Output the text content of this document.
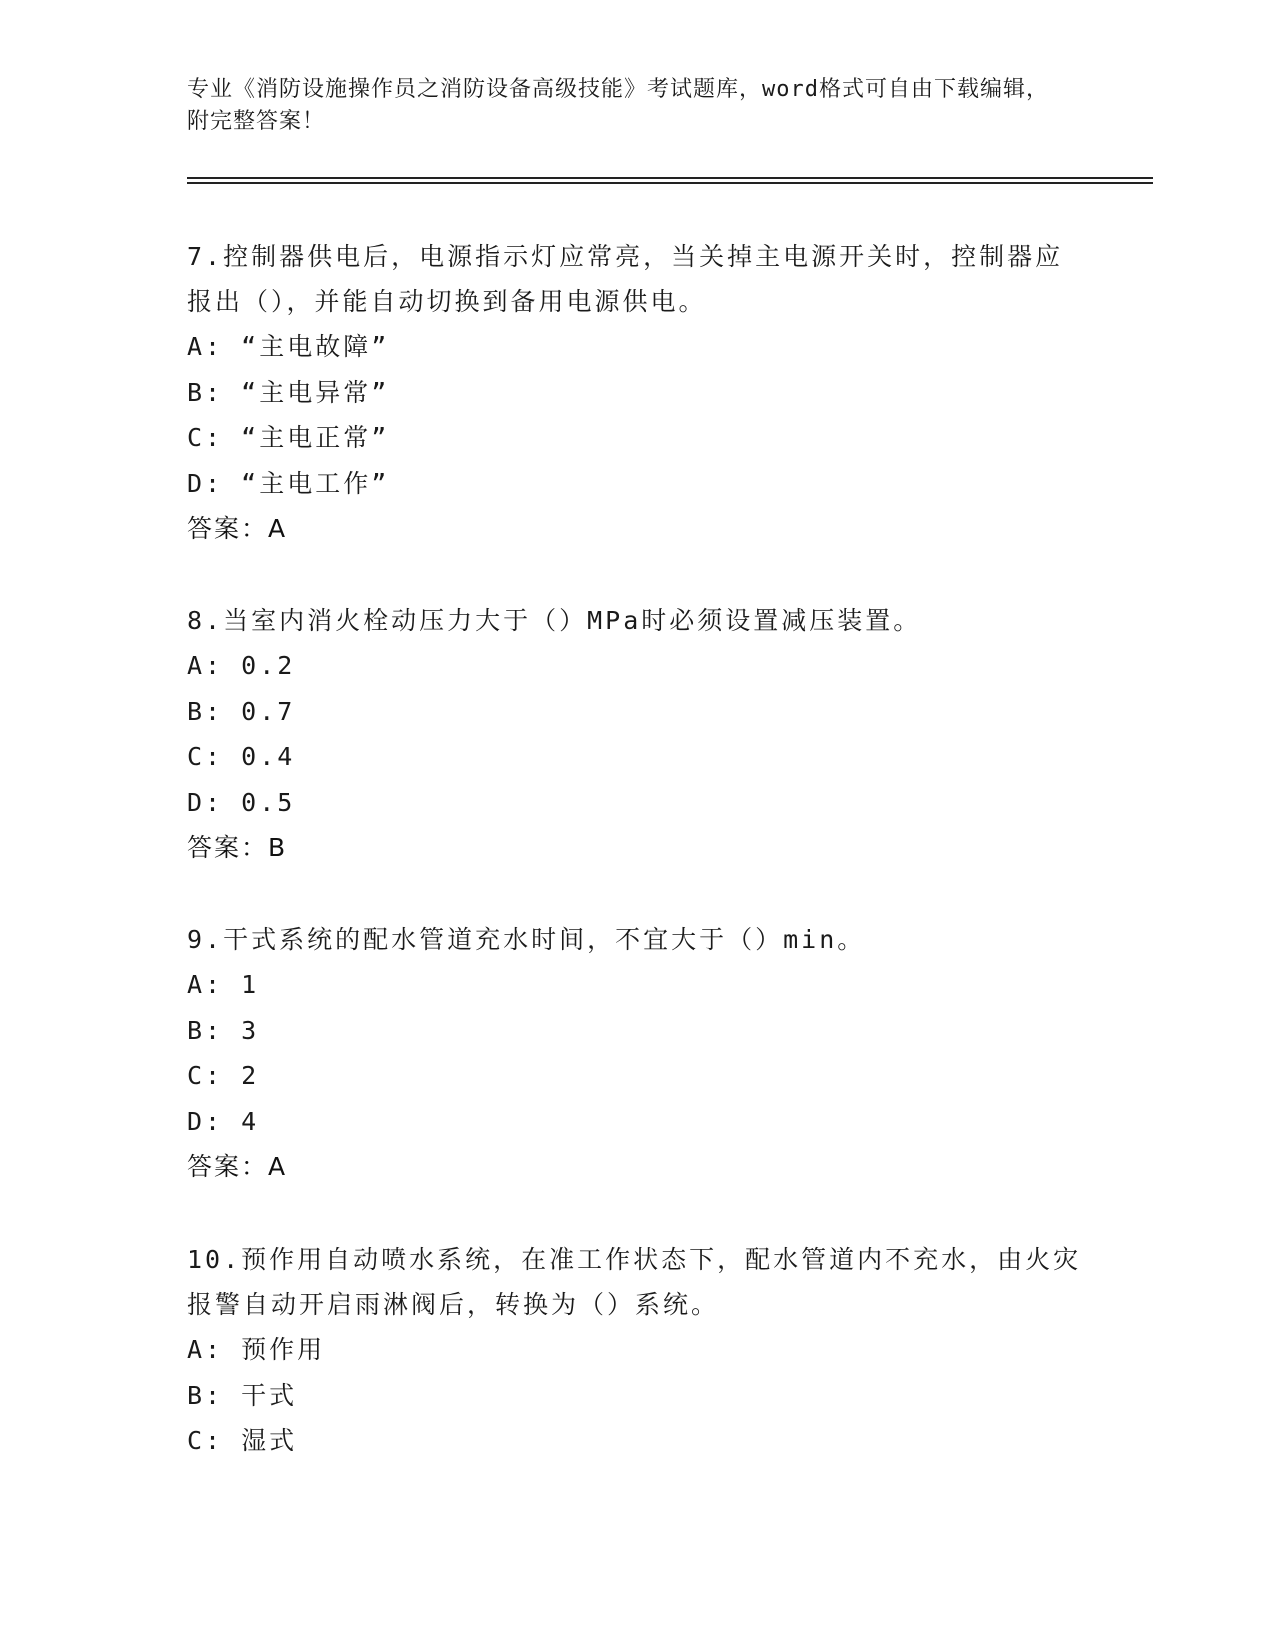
专业《消防设施操作员之消防设备高级技能》考试题库，word格式可自由下载编辑，附完整答案！

7.控制器供电后，电源指示灯应常亮，当关掉主电源开关时，控制器应报出（），并能自动切换到备用电源供电。

A: “主电故障”

B: “主电异常”

C: “主电正常”

D: “主电工作”

答案：A

8.当室内消火栓动压力大于（）MPa时必须设置减压装置。

A: 0.2

B: 0.7

C: 0.4

D: 0.5

答案：B

9.干式系统的配水管道充水时间，不宜大于（）min。

A: 1

B: 3

C: 2

D: 4

答案：A

10.预作用自动喷水系统，在准工作状态下，配水管道内不充水，由火灾报警自动开启雨淋阀后，转换为（）系统。

A: 预作用

B: 干式

C: 湿式
